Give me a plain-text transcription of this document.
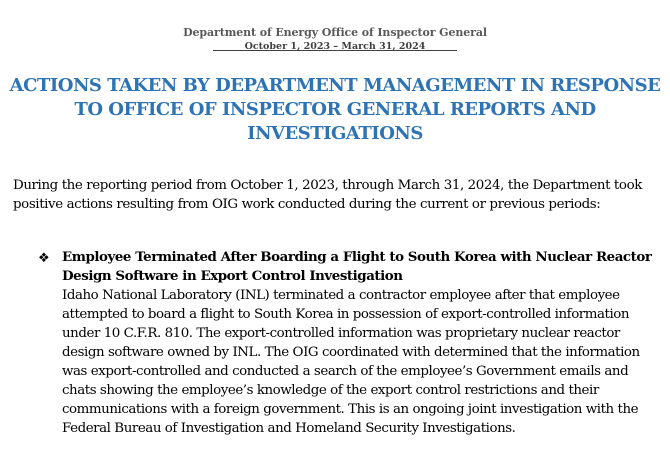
Department of Energy Office of Inspector General
October 1, 2023 – March 31, 2024
ACTIONS TAKEN BY DEPARTMENT MANAGEMENT IN RESPONSE TO OFFICE OF INSPECTOR GENERAL REPORTS AND INVESTIGATIONS

During the reporting period from October 1, 2023, through March 31, 2024, the Department took positive actions resulting from OIG work conducted during the current or previous periods:

❖ Employee Terminated After Boarding a Flight to South Korea with Nuclear Reactor Design Software in Export Control Investigation
Idaho National Laboratory (INL) terminated a contractor employee after that employee attempted to board a flight to South Korea in possession of export-controlled information under 10 C.F.R. 810. The export-controlled information was proprietary nuclear reactor design software owned by INL. The OIG coordinated with determined that the information was export-controlled and conducted a search of the employee’s Government emails and chats showing the employee’s knowledge of the export control restrictions and their communications with a foreign government. This is an ongoing joint investigation with the Federal Bureau of Investigation and Homeland Security Investigations.
